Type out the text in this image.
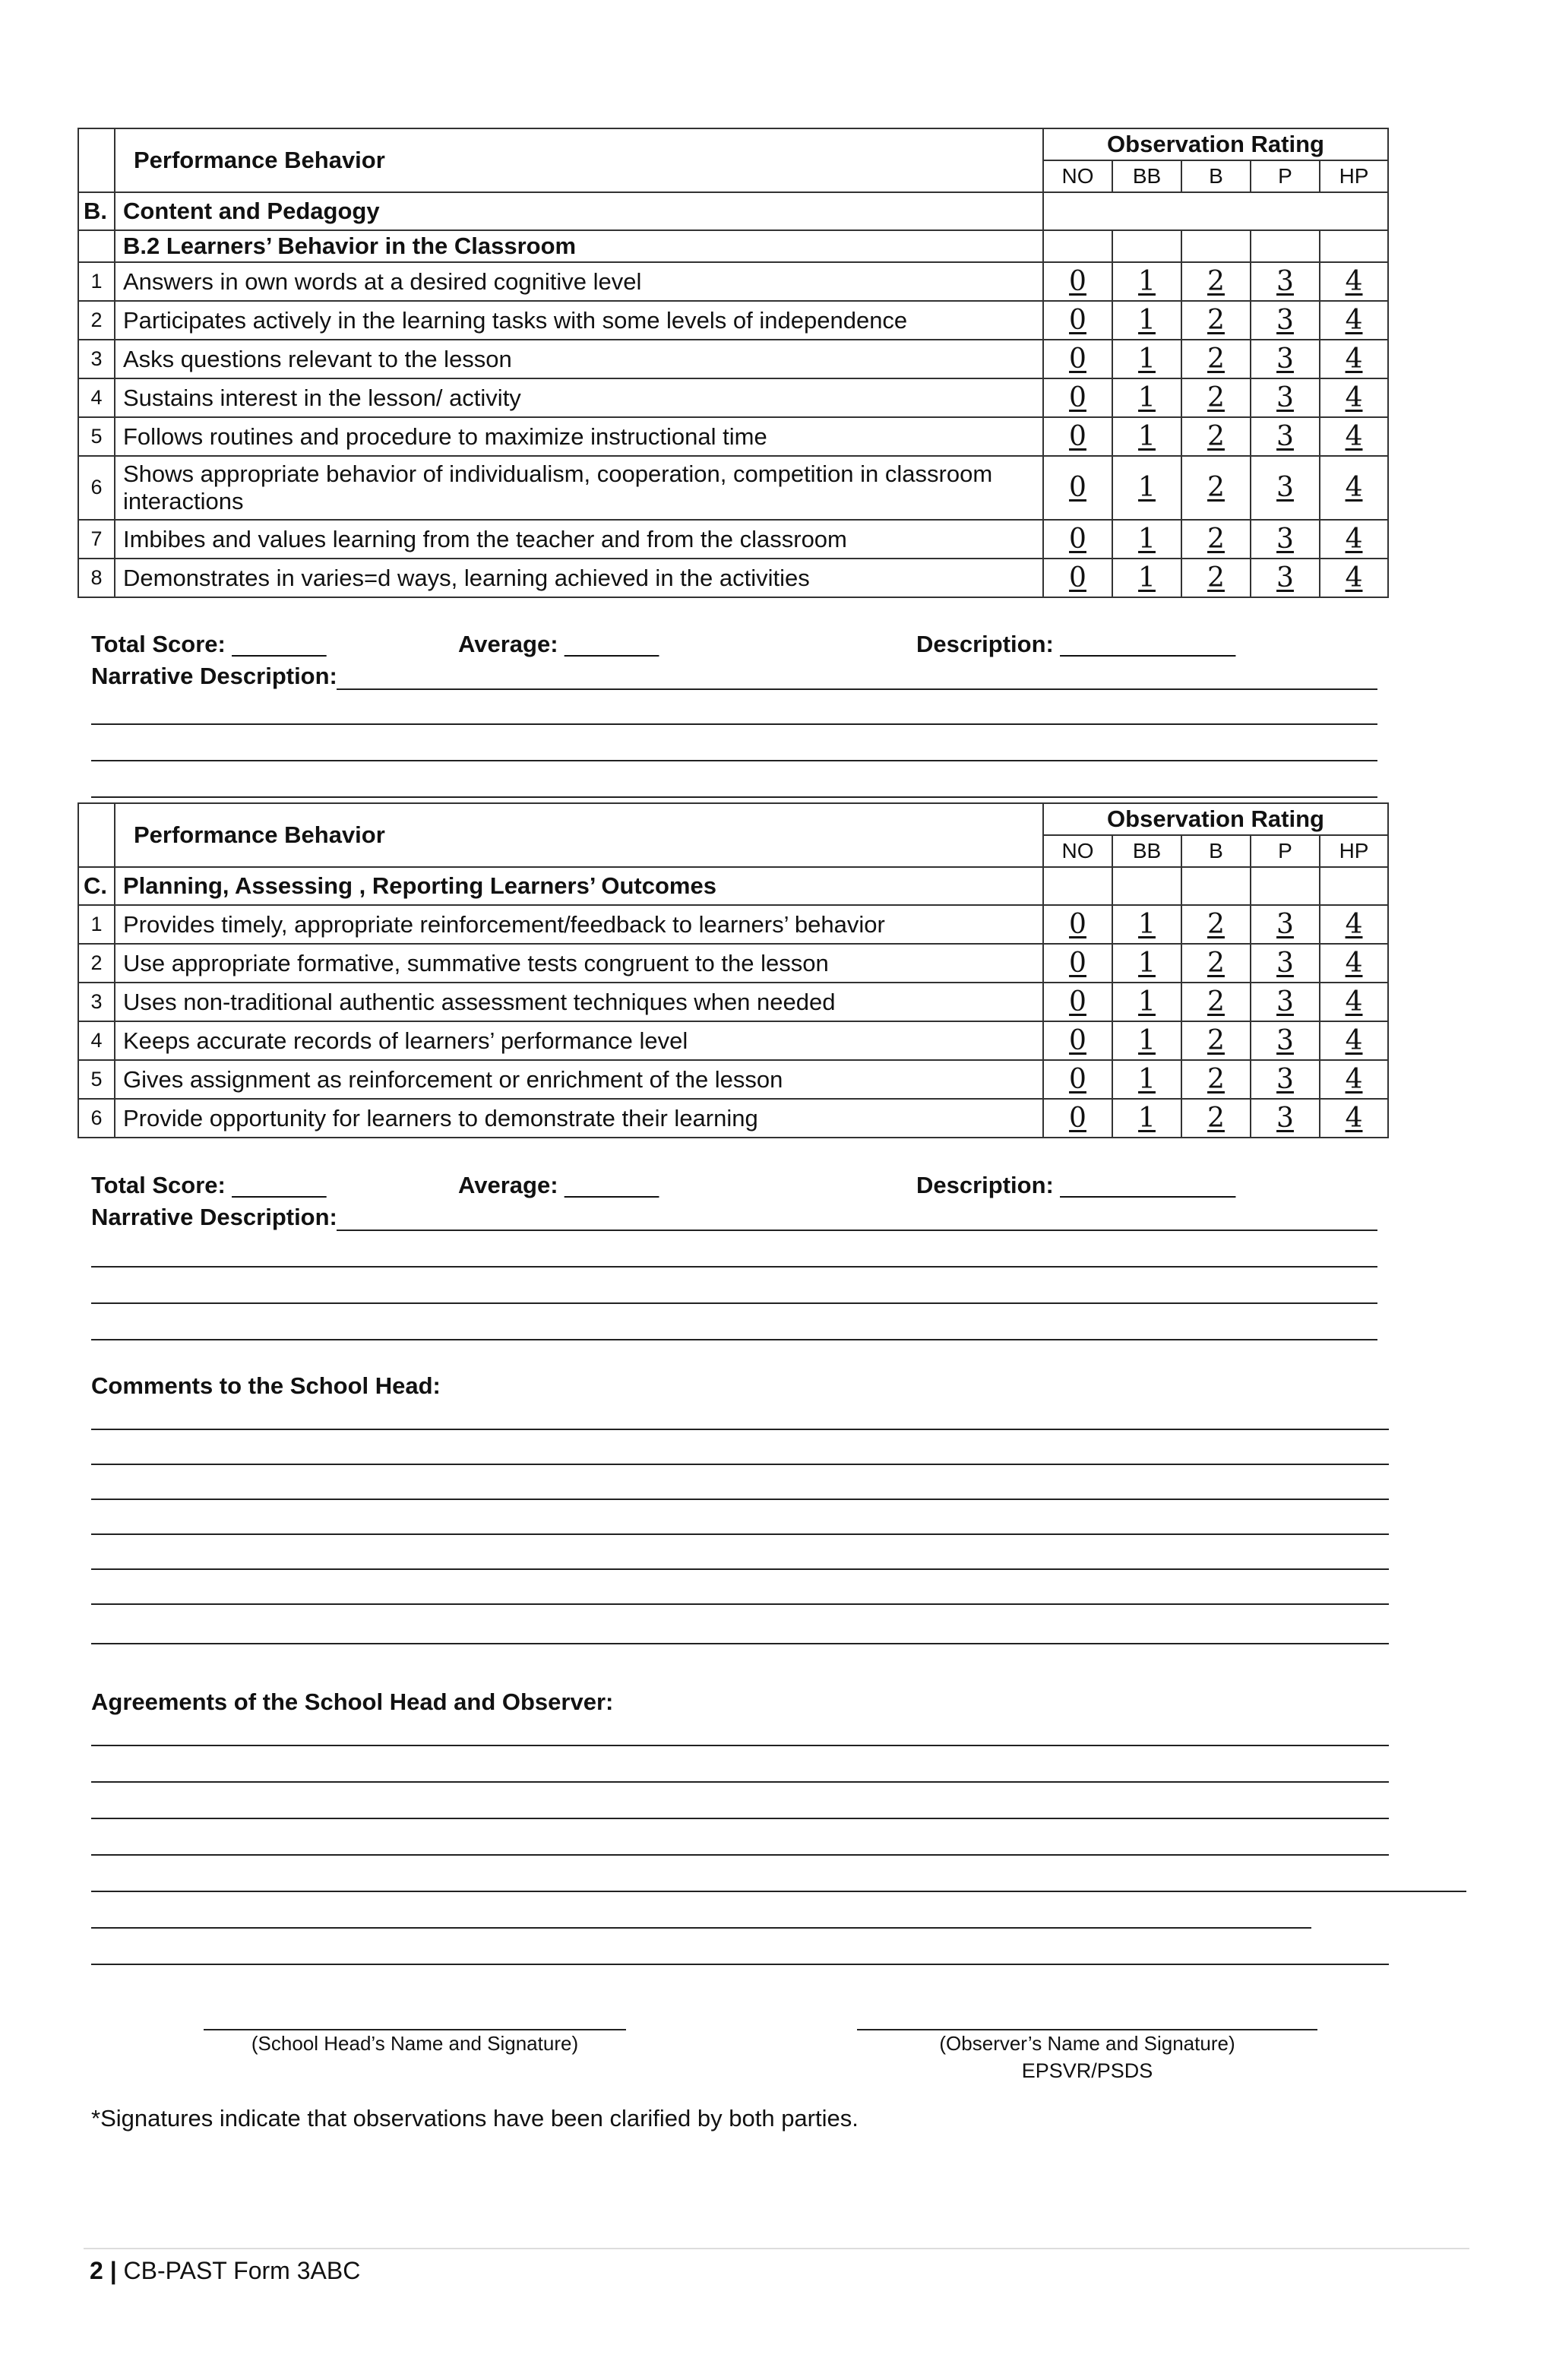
	Performance Behavior	Observation Rating				
		NO	BB	B	P	HP
B.	Content and Pedagogy					
	B.2 Learners’ Behavior in the Classroom					
1	Answers in own words at a desired cognitive level	0	1	2	3	4
2	Participates actively in the learning tasks with some levels of independence	0	1	2	3	4
3	Asks questions relevant to the lesson	0	1	2	3	4
4	Sustains interest in the lesson/ activity	0	1	2	3	4
5	Follows routines and procedure to maximize instructional time	0	1	2	3	4
6	Shows appropriate behavior of individualism, cooperation, competition in classroom interactions	0	1	2	3	4
7	Imbibes and values learning from the teacher and from the classroom	0	1	2	3	4
8	Demonstrates in varies=d ways, learning achieved in the activities	0	1	2	3	4
Total Score: ________	Average: ________	Description: _______________
Narrative Description:
	Performance Behavior	Observation Rating				
		NO	BB	B	P	HP
C.	Planning, Assessing , Reporting Learners’ Outcomes					
1	Provides timely, appropriate reinforcement/feedback to learners’ behavior	0	1	2	3	4
2	Use appropriate formative, summative tests congruent to the lesson	0	1	2	3	4
3	Uses non-traditional authentic assessment techniques when needed	0	1	2	3	4
4	Keeps accurate records of learners’ performance level	0	1	2	3	4
5	Gives assignment as reinforcement or enrichment of the lesson	0	1	2	3	4
6	Provide opportunity for learners to demonstrate their learning	0	1	2	3	4
Total Score: ________	Average: ________	Description: _______________
Narrative Description:
Comments to the School Head:
Agreements of the School Head and Observer:
(School Head’s Name and Signature)	(Observer’s Name and Signature)
EPSVR/PSDS
*Signatures indicate that observations have been clarified by both parties.
2 | CB-PAST Form 3ABC
